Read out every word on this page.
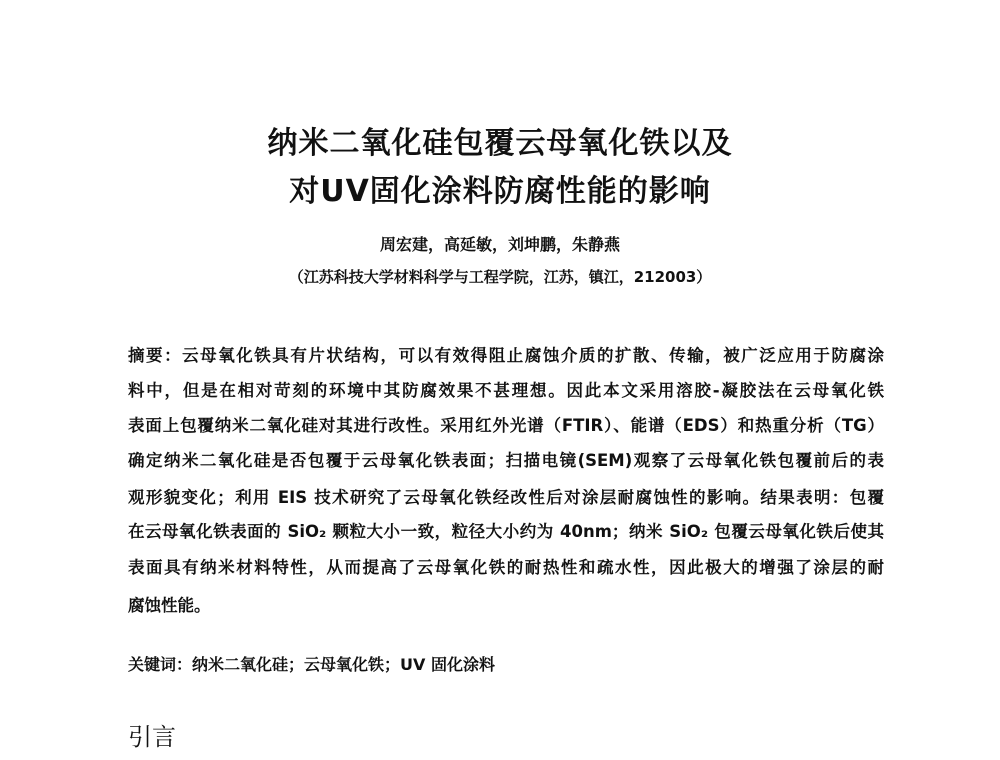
纳米二氧化硅包覆云母氧化铁以及
对UV固化涂料防腐性能的影响
周宏建，高延敏，刘坤鹏，朱静燕
（江苏科技大学材料科学与工程学院，江苏，镇江，212003）
摘要：云母氧化铁具有片状结构，可以有效得阻止腐蚀介质的扩散、传输，被广泛应用于防腐涂
料中，但是在相对苛刻的环境中其防腐效果不甚理想。因此本文采用溶胶-凝胶法在云母氧化铁
表面上包覆纳米二氧化硅对其进行改性。采用红外光谱（FTIR）、能谱（EDS）和热重分析（TG）
确定纳米二氧化硅是否包覆于云母氧化铁表面；扫描电镜(SEM)观察了云母氧化铁包覆前后的表
观形貌变化；利用 EIS 技术研究了云母氧化铁经改性后对涂层耐腐蚀性的影响。结果表明：包覆
在云母氧化铁表面的 SiO₂ 颗粒大小一致，粒径大小约为 40nm；纳米 SiO₂ 包覆云母氧化铁后使其
表面具有纳米材料特性，从而提高了云母氧化铁的耐热性和疏水性，因此极大的增强了涂层的耐
腐蚀性能。
关键词：纳米二氧化硅；云母氧化铁；UV 固化涂料
引言
